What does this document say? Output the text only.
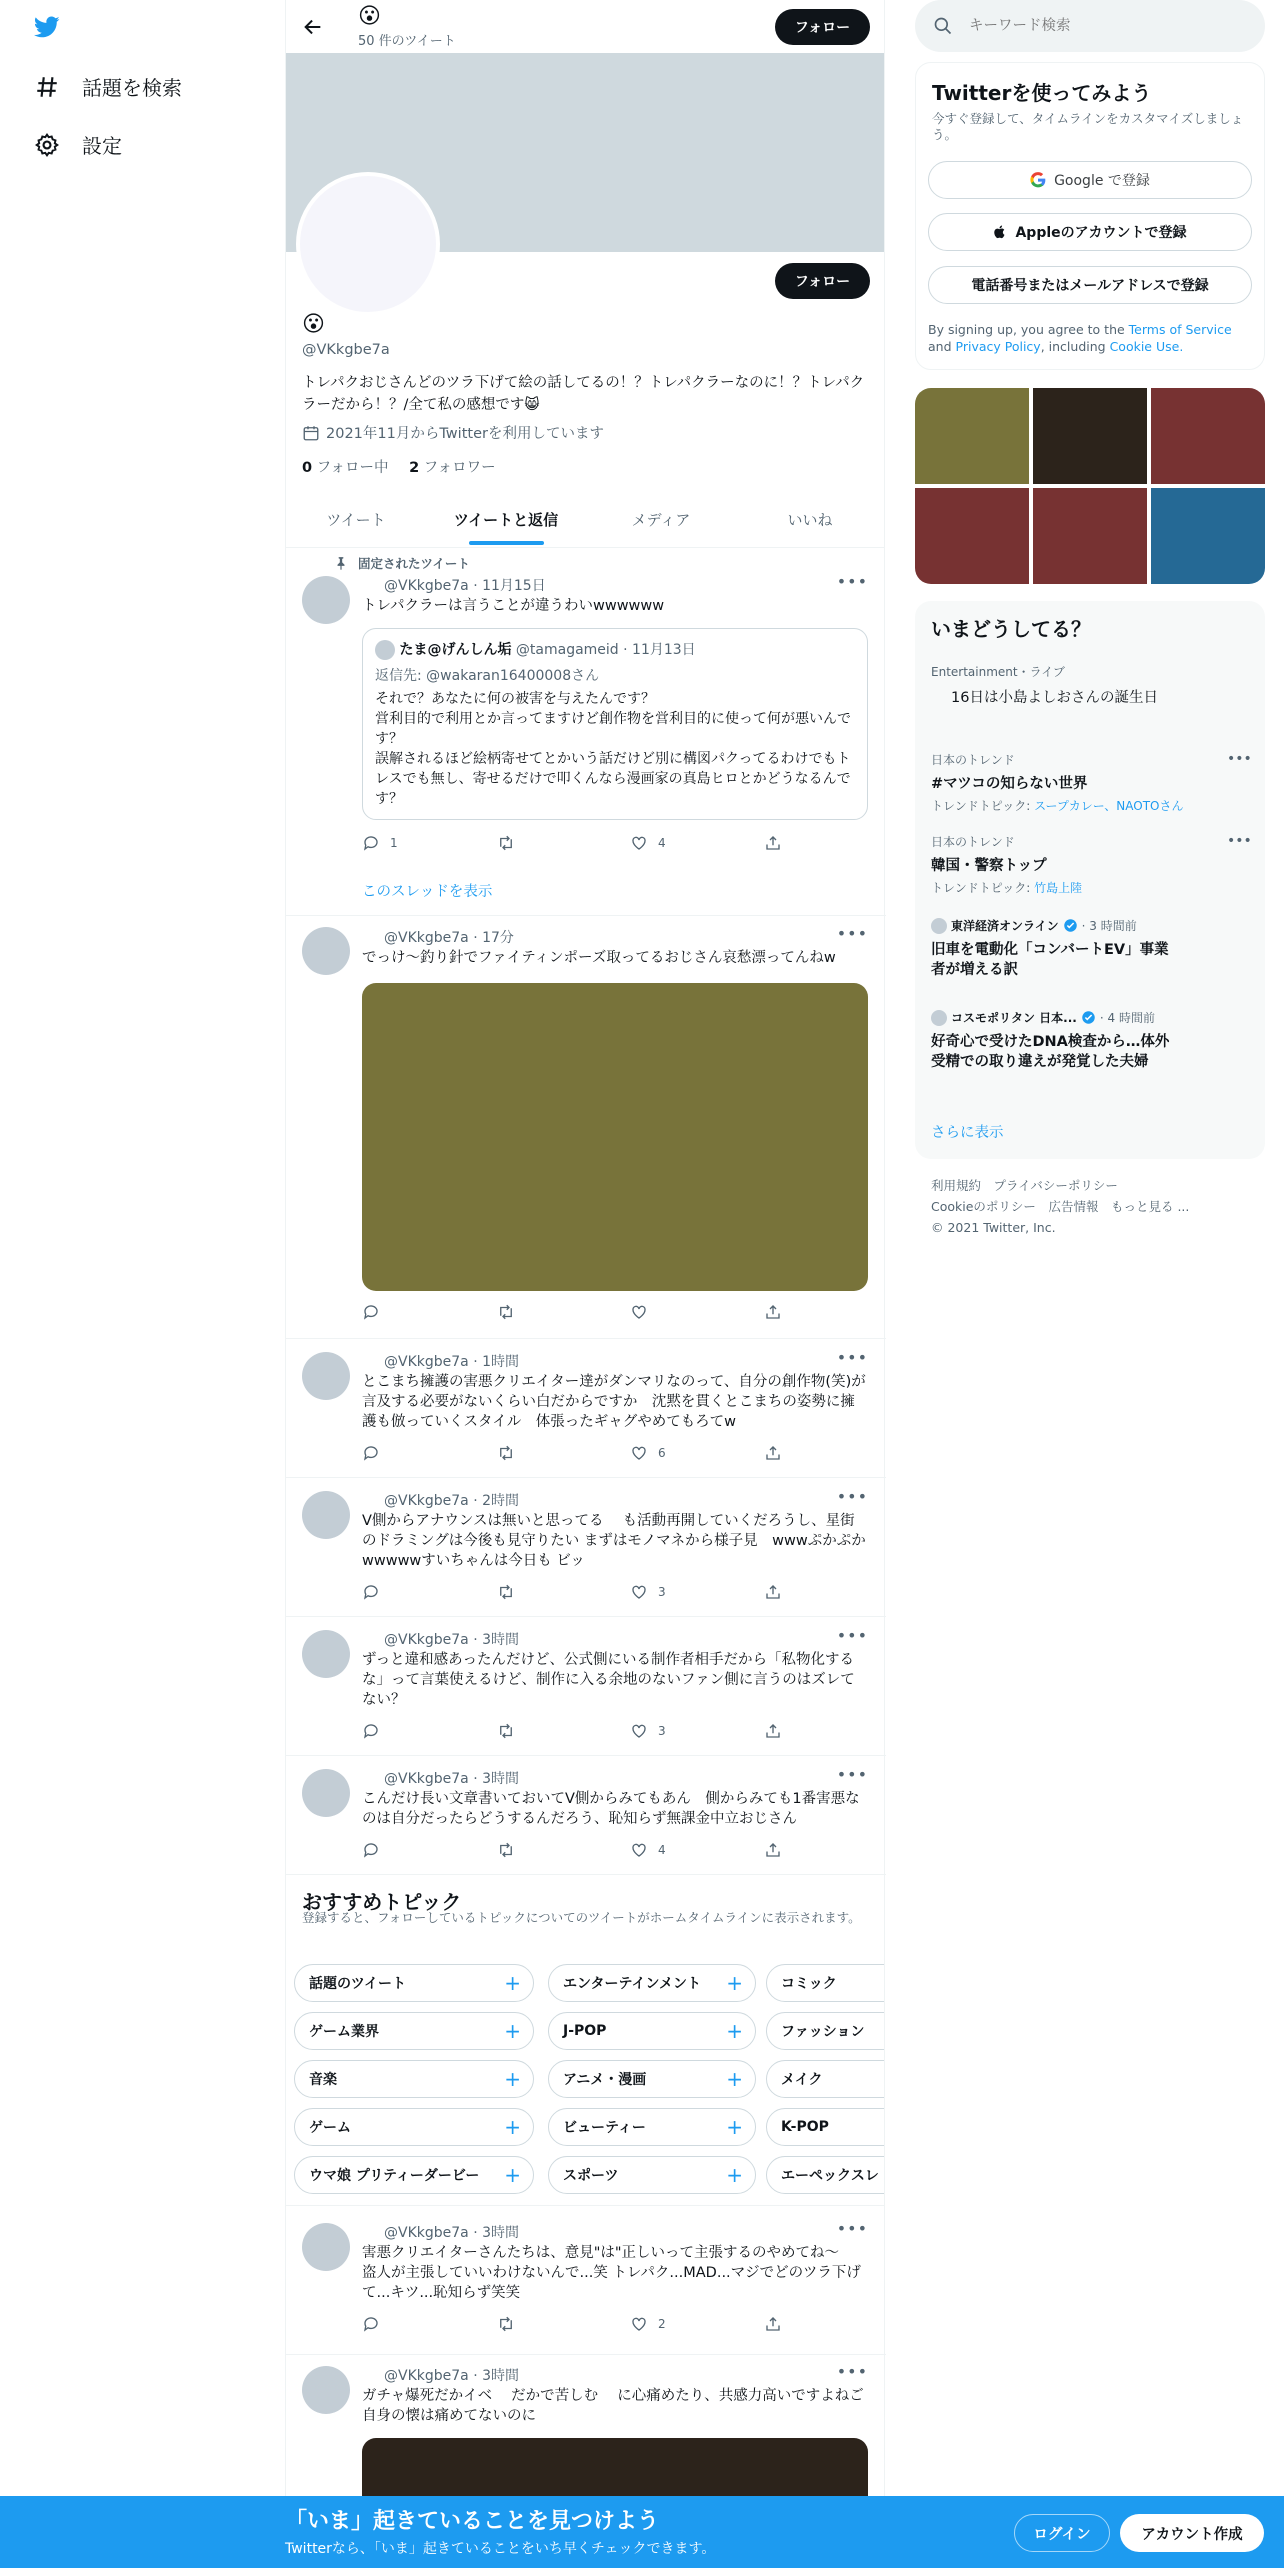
話題を検索
設定
😮
50 件のツイート
フォロー
フォロー
😮
@VKkgbe7a
トレパクおじさんどのツラ下げて絵の話してるの！？トレパクラーなのに！？トレパクラーだから！？/全て私の感想です😸
2021年11月からTwitterを利用しています
0 フォロー中 2 フォロワー
ツイート	ツイートと返信	メディア	いいね
固定されたツイート
@VKkgbe7a · 11月15日	•••
トレパクラーは言うことが違うわいwwwwww
たま@げんしん垢 @tamagameid · 11月13日
返信先: @wakaran16400008さん
それで？あなたに何の被害を与えたんです？
営利目的で利用とか言ってますけど創作物を営利目的に使って何が悪いんです？
誤解されるほど絵柄寄せてとかいう話だけど別に構図パクってるわけでもトレスでも無し、寄せるだけで叩くんなら漫画家の真島ヒロとかどうなるんです？
1	4
このスレッドを表示
@VKkgbe7a · 17分	•••
でっけ〜釣り針でファイティンポーズ取ってるおじさん哀愁漂ってんねw
@VKkgbe7a · 1時間	•••
とこまち擁護の害悪クリエイター達がダンマリなのって、自分の創作物(笑)が言及する必要がないくらい白だからですか　沈黙を貫くとこまちの姿勢に擁護も倣っていくスタイル　体張ったギャグやめてもろてw
6
@VKkgbe7a · 2時間	•••
V側からアナウンスは無いと思ってる　 も活動再開していくだろうし、星街のドラミングは今後も見守りたい まずはモノマネから様子見　wwwぷかぷかwwwwwすいちゃんは今日も ビッ
3
@VKkgbe7a · 3時間	•••
ずっと違和感あったんだけど、公式側にいる制作者相手だから「私物化するな」って言葉使えるけど、制作に入る余地のないファン側に言うのはズレてない？
3
@VKkgbe7a · 3時間	•••
こんだけ長い文章書いておいてV側からみてもあん　側からみても1番害悪なのは自分だったらどうするんだろう、恥知らず無課金中立おじさん
4
おすすめトピック
登録すると、フォローしているトピックについてのツイートがホームタイムラインに表示されます。
話題のツイート	+	エンターテインメント +	コミック
ゲーム業界	+	J-POP	+	ファッション
音楽	+	アニメ・漫画	+	メイク
ゲーム	+	ビューティー	+	K-POP
ウマ娘 プリティーダービー +	スポーツ	+	エーペックスレ
@VKkgbe7a · 3時間	•••
害悪クリエイターさんたちは、意見"は"正しいって主張するのやめてね〜　　盗人が主張していいわけないんで...笑 トレパク...MAD...マジでどのツラ下げて...キツ...恥知らず笑笑
2
@VKkgbe7a · 3時間	•••
ガチャ爆死だかイベ　 だかで苦しむ　 に心痛めたり、共感力高いですよねご自身の懐は痛めてないのに
キーワード検索
Twitterを使ってみよう
今すぐ登録して、タイムラインをカスタマイズしましょう。
Google で登録
Appleのアカウントで登録
電話番号またはメールアドレスで登録
By signing up, you agree to the Terms of Service and Privacy Policy, including Cookie Use.
いまどうしてる？
Entertainment・ライブ
16日は小島よしおさんの誕生日
日本のトレンド
#マツコの知らない世界
トレンドトピック: スープカレー、NAOTOさん
•••
日本のトレンド
韓国・警察トップ
トレンドトピック: 竹島上陸
•••
東洋経済オンライン · 3 時間前
旧車を電動化「コンバートEV」事業者が増える訳
コスモポリタン 日本... · 4 時間前
好奇心で受けたDNA検査から…体外受精での取り違えが発覚した夫婦
さらに表示
利用規約　 プライバシーポリシー
Cookieのポリシー　 広告情報　 もっと見る ...
© 2021 Twitter, Inc.
「いま」起きていることを見つけよう
Twitterなら、「いま」起きていることをいち早くチェックできます。
ログイン	アカウント作成
